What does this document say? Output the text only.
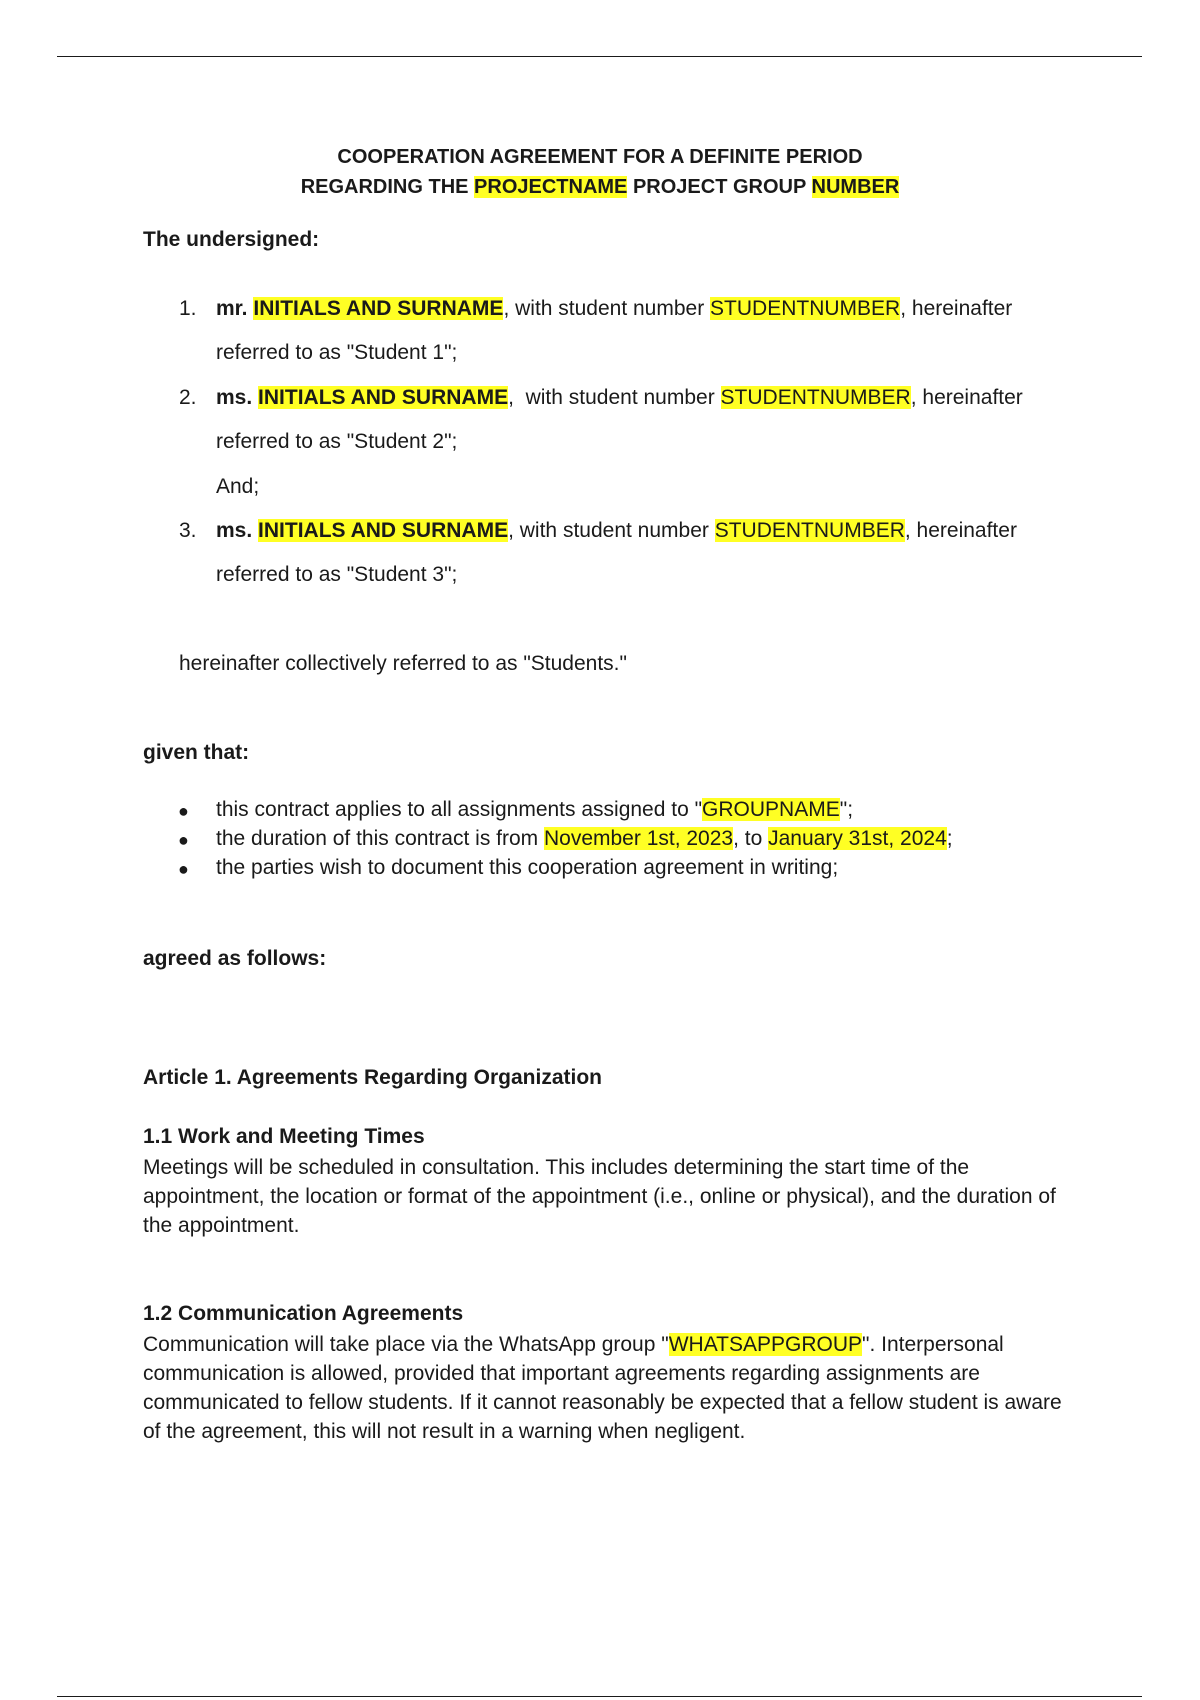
COOPERATION AGREEMENT FOR A DEFINITE PERIOD
REGARDING THE PROJECTNAME PROJECT GROUP NUMBER
The undersigned:
1. mr. INITIALS AND SURNAME, with student number STUDENTNUMBER, hereinafter
referred to as "Student 1";
2. ms. INITIALS AND SURNAME,  with student number STUDENTNUMBER, hereinafter
referred to as "Student 2";
And;
3. ms. INITIALS AND SURNAME, with student number STUDENTNUMBER, hereinafter
referred to as "Student 3";
hereinafter collectively referred to as "Students."
given that:
● this contract applies to all assignments assigned to "GROUPNAME";
● the duration of this contract is from November 1st, 2023, to January 31st, 2024;
● the parties wish to document this cooperation agreement in writing;
agreed as follows:
Article 1. Agreements Regarding Organization
1.1 Work and Meeting Times
Meetings will be scheduled in consultation. This includes determining the start time of the appointment, the location or format of the appointment (i.e., online or physical), and the duration of the appointment.
1.2 Communication Agreements
Communication will take place via the WhatsApp group "WHATSAPPGROUP". Interpersonal communication is allowed, provided that important agreements regarding assignments are communicated to fellow students. If it cannot reasonably be expected that a fellow student is aware of the agreement, this will not result in a warning when negligent.
